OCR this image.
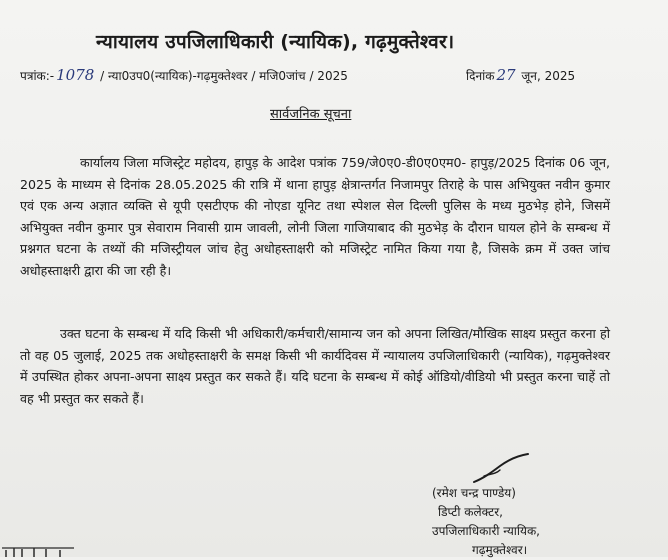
न्यायालय उपजिलाधिकारी (न्यायिक), गढ़मुक्तेश्वर।
पत्रांक:- 1078 / न्या0उप0(न्यायिक)-गढ़मुक्तेश्वर / मजि0जांच / 2025	दिनांक 27 जून, 2025
सार्वजनिक सूचना
कार्यालय जिला मजिस्ट्रेट महोदय, हापुड़ के आदेश पत्रांक 759/जे0ए0-डी0ए0एम0- हापुड़/2025 दिनांक 06 जून, 2025 के माध्यम से दिनांक 28.05.2025 की रात्रि में थाना हापुड़ क्षेत्रान्तर्गत निजामपुर तिराहे के पास अभियुक्त नवीन कुमार एवं एक अन्य अज्ञात व्यक्ति से यूपी एसटीएफ की नोएडा यूनिट तथा स्पेशल सेल दिल्ली पुलिस के मध्य मुठभेड़ होने, जिसमें अभियुक्त नवीन कुमार पुत्र सेवाराम निवासी ग्राम जावली, लोनी जिला गाजियाबाद की मुठभेड़ के दौरान घायल होने के सम्बन्ध में प्रश्नगत घटना के तथ्यों की मजिस्ट्रीयल जांच हेतु अधोहस्ताक्षरी को मजिस्ट्रेट नामित किया गया है, जिसके क्रम में उक्त जांच अधोहस्ताक्षरी द्वारा की जा रही है।
उक्त घटना के सम्बन्ध में यदि किसी भी अधिकारी/कर्मचारी/सामान्य जन को अपना लिखित/मौखिक साक्ष्य प्रस्तुत करना हो तो वह 05 जुलाई, 2025 तक अधोहस्ताक्षरी के समक्ष किसी भी कार्यदिवस में न्यायालय उपजिलाधिकारी (न्यायिक), गढ़मुक्तेश्वर में उपस्थित होकर अपना-अपना साक्ष्य प्रस्तुत कर सकते हैं। यदि घटना के सम्बन्ध में कोई ऑडियो/वीडियो भी प्रस्तुत करना चाहें तो वह भी प्रस्तुत कर सकते हैं।
(रमेश चन्द्र पाण्डेय)
डिप्टी कलेक्टर,
उपजिलाधिकारी न्यायिक,
गढ़मुक्तेश्वर।
